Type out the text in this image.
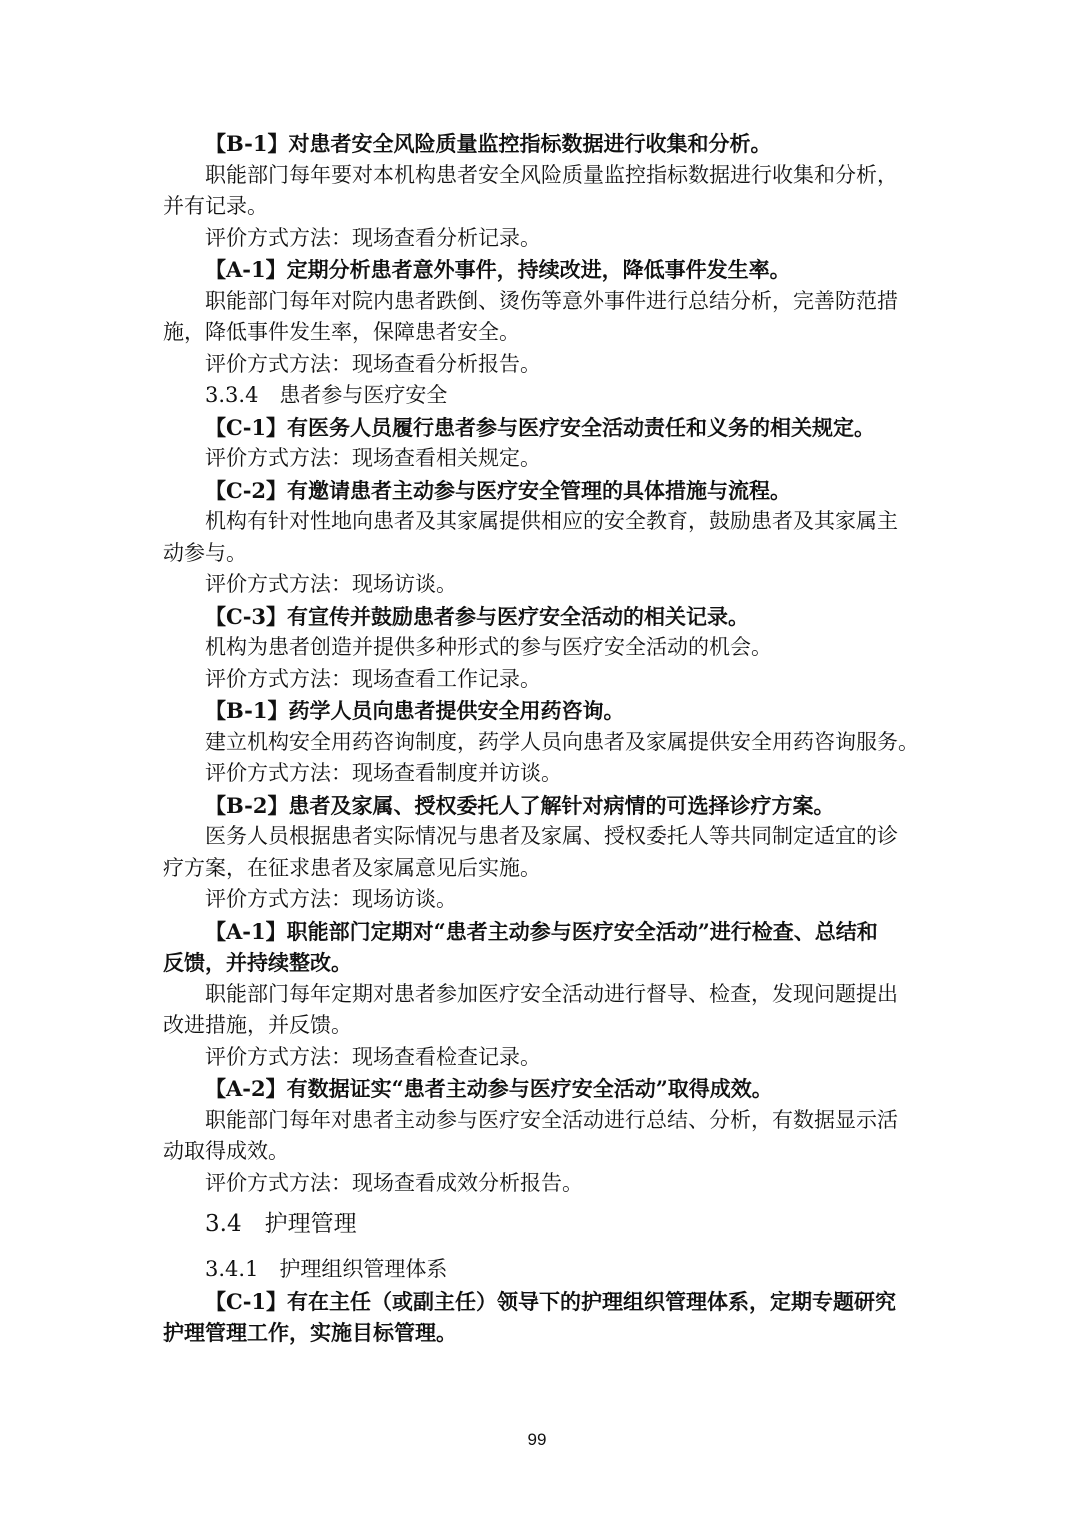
【B-1】对患者安全风险质量监控指标数据进行收集和分析。

职能部门每年要对本机构患者安全风险质量监控指标数据进行收集和分析，

并有记录。

评价方式方法：现场查看分析记录。

【A-1】定期分析患者意外事件，持续改进，降低事件发生率。

职能部门每年对院内患者跌倒、烫伤等意外事件进行总结分析，完善防范措

施，降低事件发生率，保障患者安全。

评价方式方法：现场查看分析报告。

3.3.4　患者参与医疗安全

【C-1】有医务人员履行患者参与医疗安全活动责任和义务的相关规定。

评价方式方法：现场查看相关规定。

【C-2】有邀请患者主动参与医疗安全管理的具体措施与流程。

机构有针对性地向患者及其家属提供相应的安全教育，鼓励患者及其家属主

动参与。

评价方式方法：现场访谈。

【C-3】有宣传并鼓励患者参与医疗安全活动的相关记录。

机构为患者创造并提供多种形式的参与医疗安全活动的机会。

评价方式方法：现场查看工作记录。

【B-1】药学人员向患者提供安全用药咨询。

建立机构安全用药咨询制度，药学人员向患者及家属提供安全用药咨询服务。

评价方式方法：现场查看制度并访谈。

【B-2】患者及家属、授权委托人了解针对病情的可选择诊疗方案。

医务人员根据患者实际情况与患者及家属、授权委托人等共同制定适宜的诊

疗方案，在征求患者及家属意见后实施。

评价方式方法：现场访谈。

【A-1】职能部门定期对“患者主动参与医疗安全活动”进行检查、总结和

反馈，并持续整改。

职能部门每年定期对患者参加医疗安全活动进行督导、检查，发现问题提出

改进措施，并反馈。

评价方式方法：现场查看检查记录。

【A-2】有数据证实“患者主动参与医疗安全活动”取得成效。

职能部门每年对患者主动参与医疗安全活动进行总结、分析，有数据显示活

动取得成效。

评价方式方法：现场查看成效分析报告。

3.4　护理管理

3.4.1　护理组织管理体系

【C-1】有在主任（或副主任）领导下的护理组织管理体系，定期专题研究

护理管理工作，实施目标管理。

99
